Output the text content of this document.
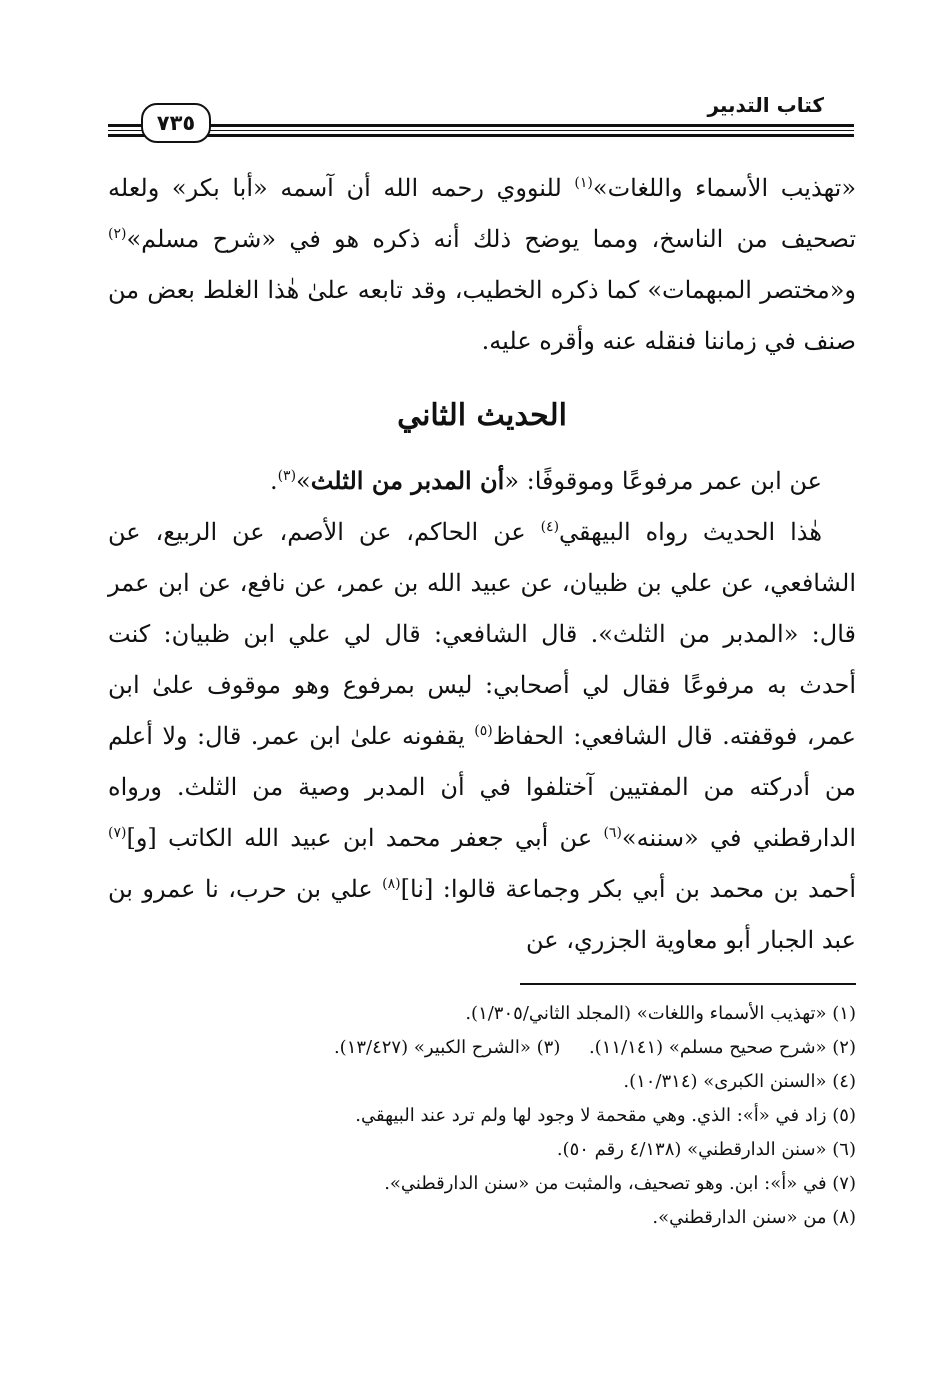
كتاب التدبير
٧٣٥

«تهذيب الأسماء واللغات»$^{(١)}$ للنووي رحمه الله أن آسمه «أبا بكر» ولعله تصحيف من الناسخ، ومما يوضح ذلك أنه ذكره هو في «شرح مسلم»$^{(٢)}$ و«مختصر المبهمات» كما ذكره الخطيب، وقد تابعه علىٰ هٰذا الغلط بعض من صنف في زماننا فنقله عنه وأقره عليه.

الحديث الثاني

عن ابن عمر مرفوعًا وموقوفًا: «أن المدبر من الثلث»$^{(٣)}$.

هٰذا الحديث رواه البيهقي$^{(٤)}$ عن الحاكم، عن الأصم، عن الربيع، عن الشافعي، عن علي بن ظبيان، عن عبيد الله بن عمر، عن نافع، عن ابن عمر قال: «المدبر من الثلث». قال الشافعي: قال لي علي ابن ظبيان: كنت أحدث به مرفوعًا فقال لي أصحابي: ليس بمرفوع وهو موقوف علىٰ ابن عمر، فوقفته. قال الشافعي: الحفاظ$^{(٥)}$ يقفونه علىٰ ابن عمر. قال: ولا أعلم من أدركته من المفتيين آختلفوا في أن المدبر وصية من الثلث. ورواه الدارقطني في «سننه»$^{(٦)}$ عن أبي جعفر محمد ابن عبيد الله الكاتب [و]$^{(٧)}$ أحمد بن محمد بن أبي بكر وجماعة قالوا: [نا]$^{(٨)}$ علي بن حرب، نا عمرو بن عبد الجبار أبو معاوية الجزري، عن

(١) «تهذيب الأسماء واللغات» (المجلد الثاني/١/٣٠٥).
(٢) «شرح صحيح مسلم» (١١/١٤١).     (٣) «الشرح الكبير» (١٣/٤٢٧).
(٤) «السنن الكبرى» (١٠/٣١٤).
(٥) زاد في «أ»: الذي. وهي مقحمة لا وجود لها ولم ترد عند البيهقي.
(٦) «سنن الدارقطني» (٤/١٣٨ رقم ٥٠).
(٧) في «أ»: ابن. وهو تصحيف، والمثبت من «سنن الدارقطني».
(٨) من «سنن الدارقطني».
